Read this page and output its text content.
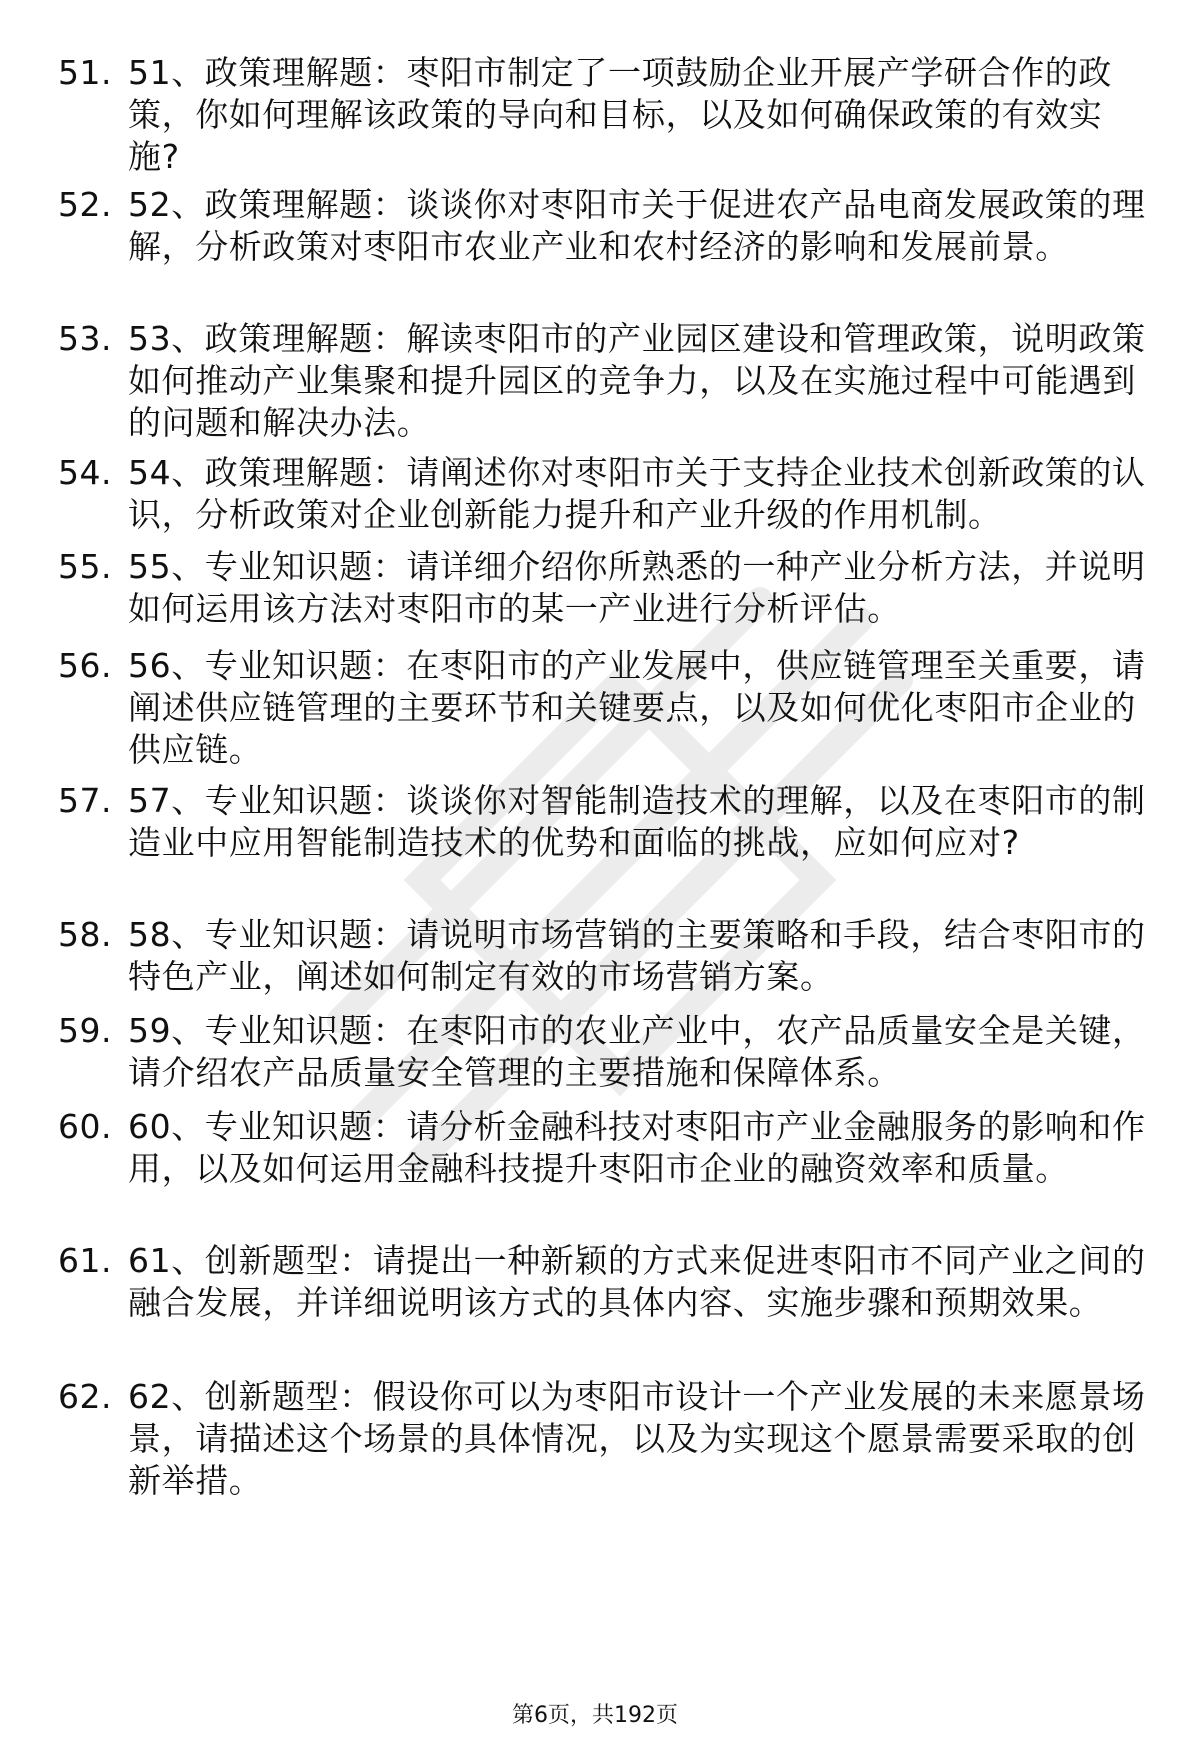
51. 51、政策理解题：枣阳市制定了一项鼓励企业开展产学研合作的政策，你如何理解该政策的导向和目标，以及如何确保政策的有效实施?
52. 52、政策理解题：谈谈你对枣阳市关于促进农产品电商发展政策的理解，分析政策对枣阳市农业产业和农村经济的影响和发展前景。
53. 53、政策理解题：解读枣阳市的产业园区建设和管理政策，说明政策如何推动产业集聚和提升园区的竞争力，以及在实施过程中可能遇到的问题和解决办法。
54. 54、政策理解题：请阐述你对枣阳市关于支持企业技术创新政策的认识，分析政策对企业创新能力提升和产业升级的作用机制。
55. 55、专业知识题：请详细介绍你所熟悉的一种产业分析方法，并说明如何运用该方法对枣阳市的某一产业进行分析评估。
56. 56、专业知识题：在枣阳市的产业发展中，供应链管理至关重要，请阐述供应链管理的主要环节和关键要点，以及如何优化枣阳市企业的供应链。
57. 57、专业知识题：谈谈你对智能制造技术的理解，以及在枣阳市的制造业中应用智能制造技术的优势和面临的挑战，应如何应对?
58. 58、专业知识题：请说明市场营销的主要策略和手段，结合枣阳市的特色产业，阐述如何制定有效的市场营销方案。
59. 59、专业知识题：在枣阳市的农业产业中，农产品质量安全是关键，请介绍农产品质量安全管理的主要措施和保障体系。
60. 60、专业知识题：请分析金融科技对枣阳市产业金融服务的影响和作用，以及如何运用金融科技提升枣阳市企业的融资效率和质量。
61. 61、创新题型：请提出一种新颖的方式来促进枣阳市不同产业之间的融合发展，并详细说明该方式的具体内容、实施步骤和预期效果。
62. 62、创新题型：假设你可以为枣阳市设计一个产业发展的未来愿景场景，请描述这个场景的具体情况，以及为实现这个愿景需要采取的创新举措。
第6页，共192页
